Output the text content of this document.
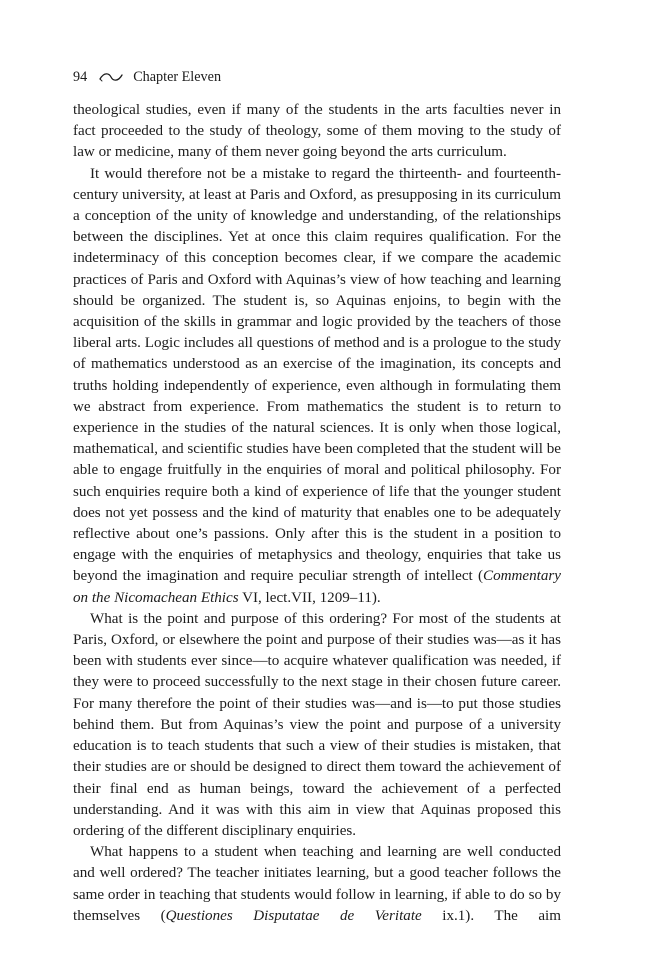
94	Chapter Eleven

theological studies, even if many of the students in the arts faculties never in fact proceeded to the study of theology, some of them moving to the study of law or medicine, many of them never going beyond the arts curriculum.

It would therefore not be a mistake to regard the thirteenth- and fourteenth-century university, at least at Paris and Oxford, as presupposing in its curriculum a conception of the unity of knowledge and understanding, of the relationships between the disciplines. Yet at once this claim requires qualification. For the indeterminacy of this conception becomes clear, if we compare the academic practices of Paris and Oxford with Aquinas’s view of how teaching and learning should be organized. The student is, so Aquinas enjoins, to begin with the acquisition of the skills in grammar and logic provided by the teachers of those liberal arts. Logic includes all questions of method and is a prologue to the study of mathematics understood as an exercise of the imagination, its concepts and truths holding independently of experience, even although in formulating them we abstract from experience. From mathematics the student is to return to experience in the studies of the natural sciences. It is only when those logical, mathematical, and scientific studies have been completed that the student will be able to engage fruitfully in the enquiries of moral and political philosophy. For such enquiries require both a kind of experience of life that the younger student does not yet possess and the kind of maturity that enables one to be adequately reflective about one’s passions. Only after this is the student in a position to engage with the enquiries of metaphysics and theology, enquiries that take us beyond the imagination and require peculiar strength of intellect (Commentary on the Nicomachean Ethics VI, lect.VII, 1209–11).

What is the point and purpose of this ordering? For most of the students at Paris, Oxford, or elsewhere the point and purpose of their studies was—as it has been with students ever since—to acquire whatever qualification was needed, if they were to proceed successfully to the next stage in their chosen future career. For many therefore the point of their studies was—and is—to put those studies behind them. But from Aquinas’s view the point and purpose of a university education is to teach students that such a view of their studies is mistaken, that their studies are or should be designed to direct them toward the achievement of their final end as human beings, toward the achievement of a perfected understanding. And it was with this aim in view that Aquinas proposed this ordering of the different disciplinary enquiries.

What happens to a student when teaching and learning are well conducted and well ordered? The teacher initiates learning, but a good teacher follows the same order in teaching that students would follow in learning, if able to do so by themselves (Questiones Disputatae de Veritate ix.1). The aim
